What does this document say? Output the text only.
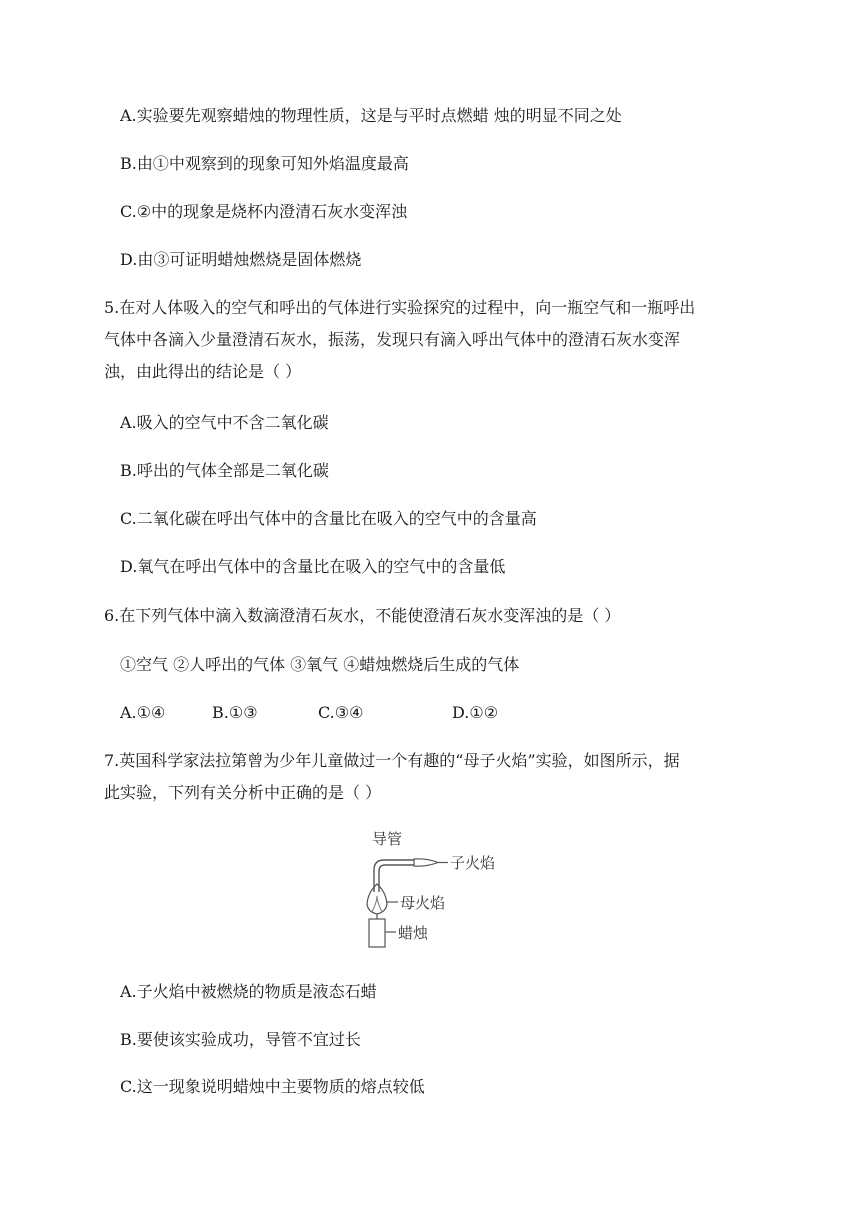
A.实验要先观察蜡烛的物理性质，这是与平时点燃蜡 烛的明显不同之处
B.由①中观察到的现象可知外焰温度最高
C.②中的现象是烧杯内澄清石灰水变浑浊
D.由③可证明蜡烛燃烧是固体燃烧
5.在对人体吸入的空气和呼出的气体进行实验探究的过程中，向一瓶空气和一瓶呼出
气体中各滴入少量澄清石灰水，振荡，发现只有滴入呼出气体中的澄清石灰水变浑
浊，由此得出的结论是（ ）
A.吸入的空气中不含二氧化碳
B.呼出的气体全部是二氧化碳
C.二氧化碳在呼出气体中的含量比在吸入的空气中的含量高
D.氧气在呼出气体中的含量比在吸入的空气中的含量低
6.在下列气体中滴入数滴澄清石灰水，不能使澄清石灰水变浑浊的是（ ）
①空气 ②人呼出的气体 ③氧气 ④蜡烛燃烧后生成的气体
A.①④	B.①③	C.③④	D.①②
7.英国科学家法拉第曾为少年儿童做过一个有趣的“母子火焰”实验，如图所示，据
此实验，下列有关分析中正确的是（ ）
导管
子火焰
母火焰
蜡烛
A.子火焰中被燃烧的物质是液态石蜡
B.要使该实验成功，导管不宜过长
C.这一现象说明蜡烛中主要物质的熔点较低
